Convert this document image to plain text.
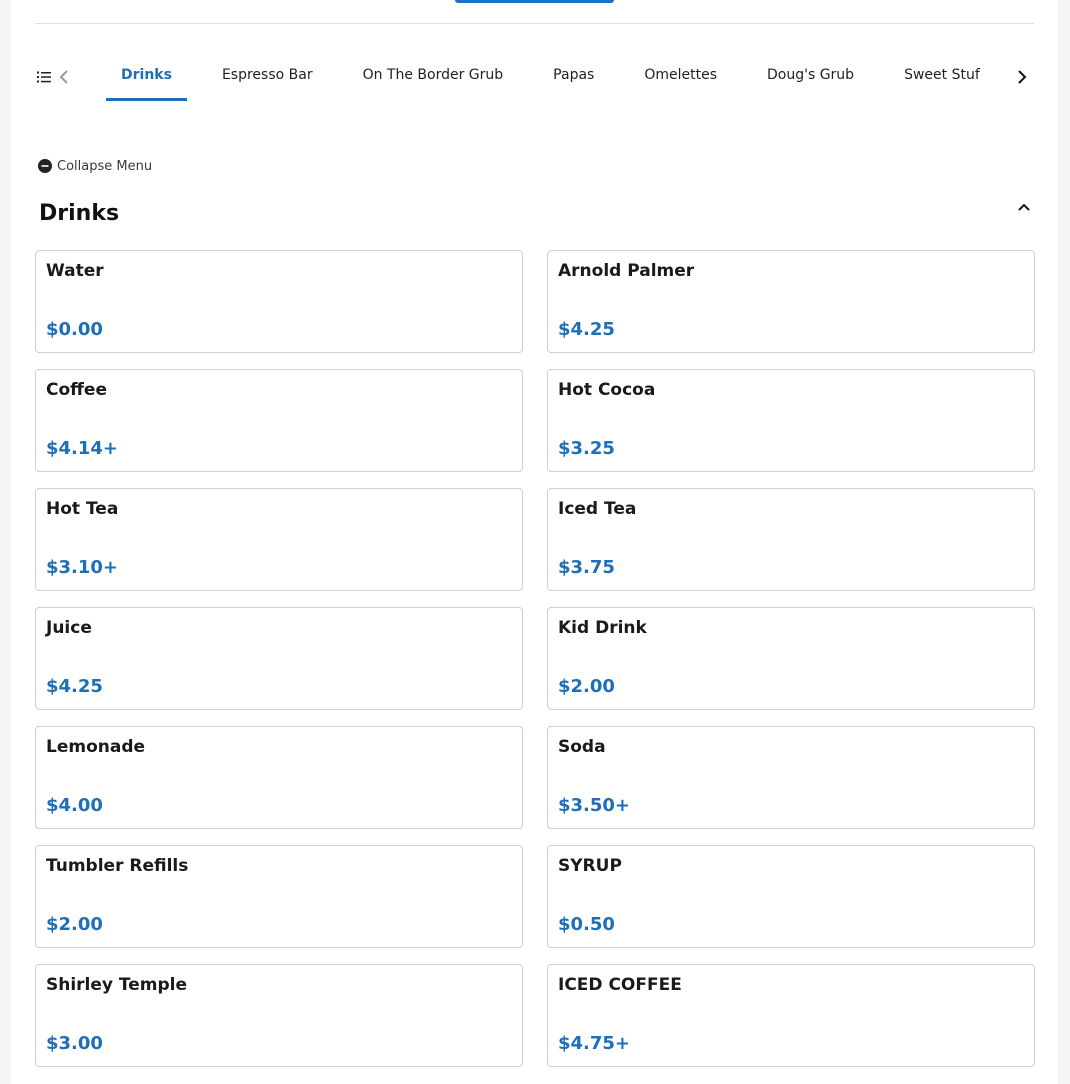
Drinks	Espresso Bar	On The Border Grub	Papas	Omelettes	Doug's Grub	Sweet Stuf
Collapse Menu
Drinks
Water
$0.00
Arnold Palmer
$4.25
Coffee
$4.14+
Hot Cocoa
$3.25
Hot Tea
$3.10+
Iced Tea
$3.75
Juice
$4.25
Kid Drink
$2.00
Lemonade
$4.00
Soda
$3.50+
Tumbler Refills
$2.00
SYRUP
$0.50
Shirley Temple
$3.00
ICED COFFEE
$4.75+
